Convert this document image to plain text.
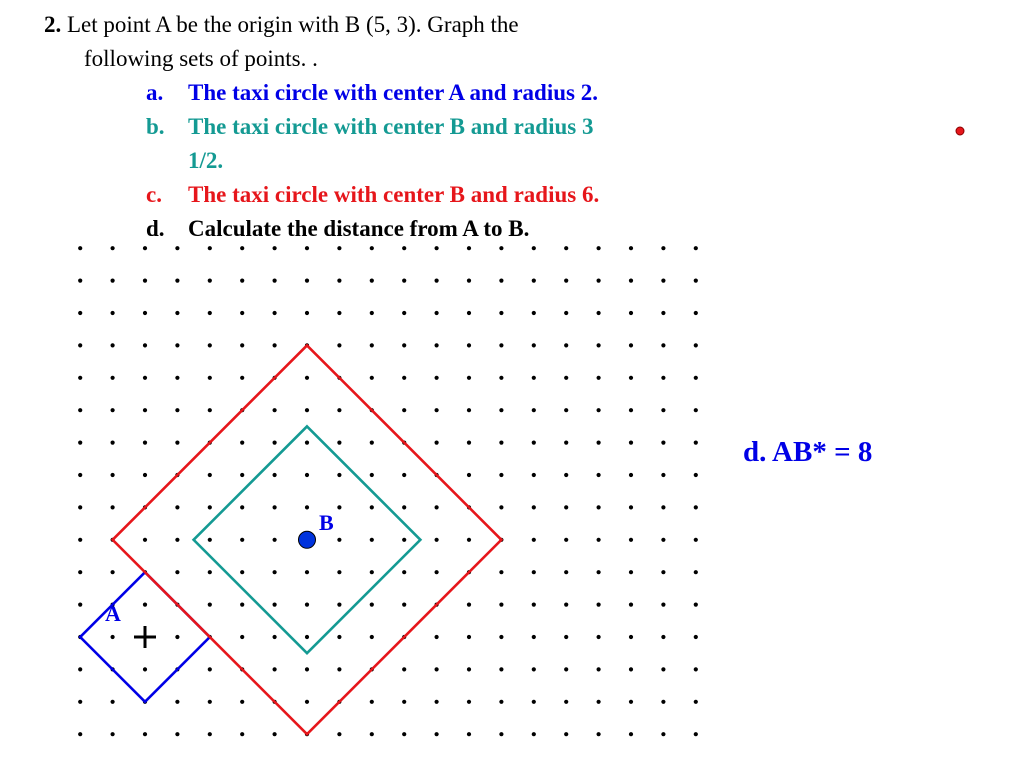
2. Let point A be the origin with B (5, 3). Graph the
following sets of points. .
a. The taxi circle with center A and radius 2.
b. The taxi circle with center B and radius 3
1/2.
c. The taxi circle with center B and radius 6.
d. Calculate the distance from A to B.
d. AB* = 8
A
B
